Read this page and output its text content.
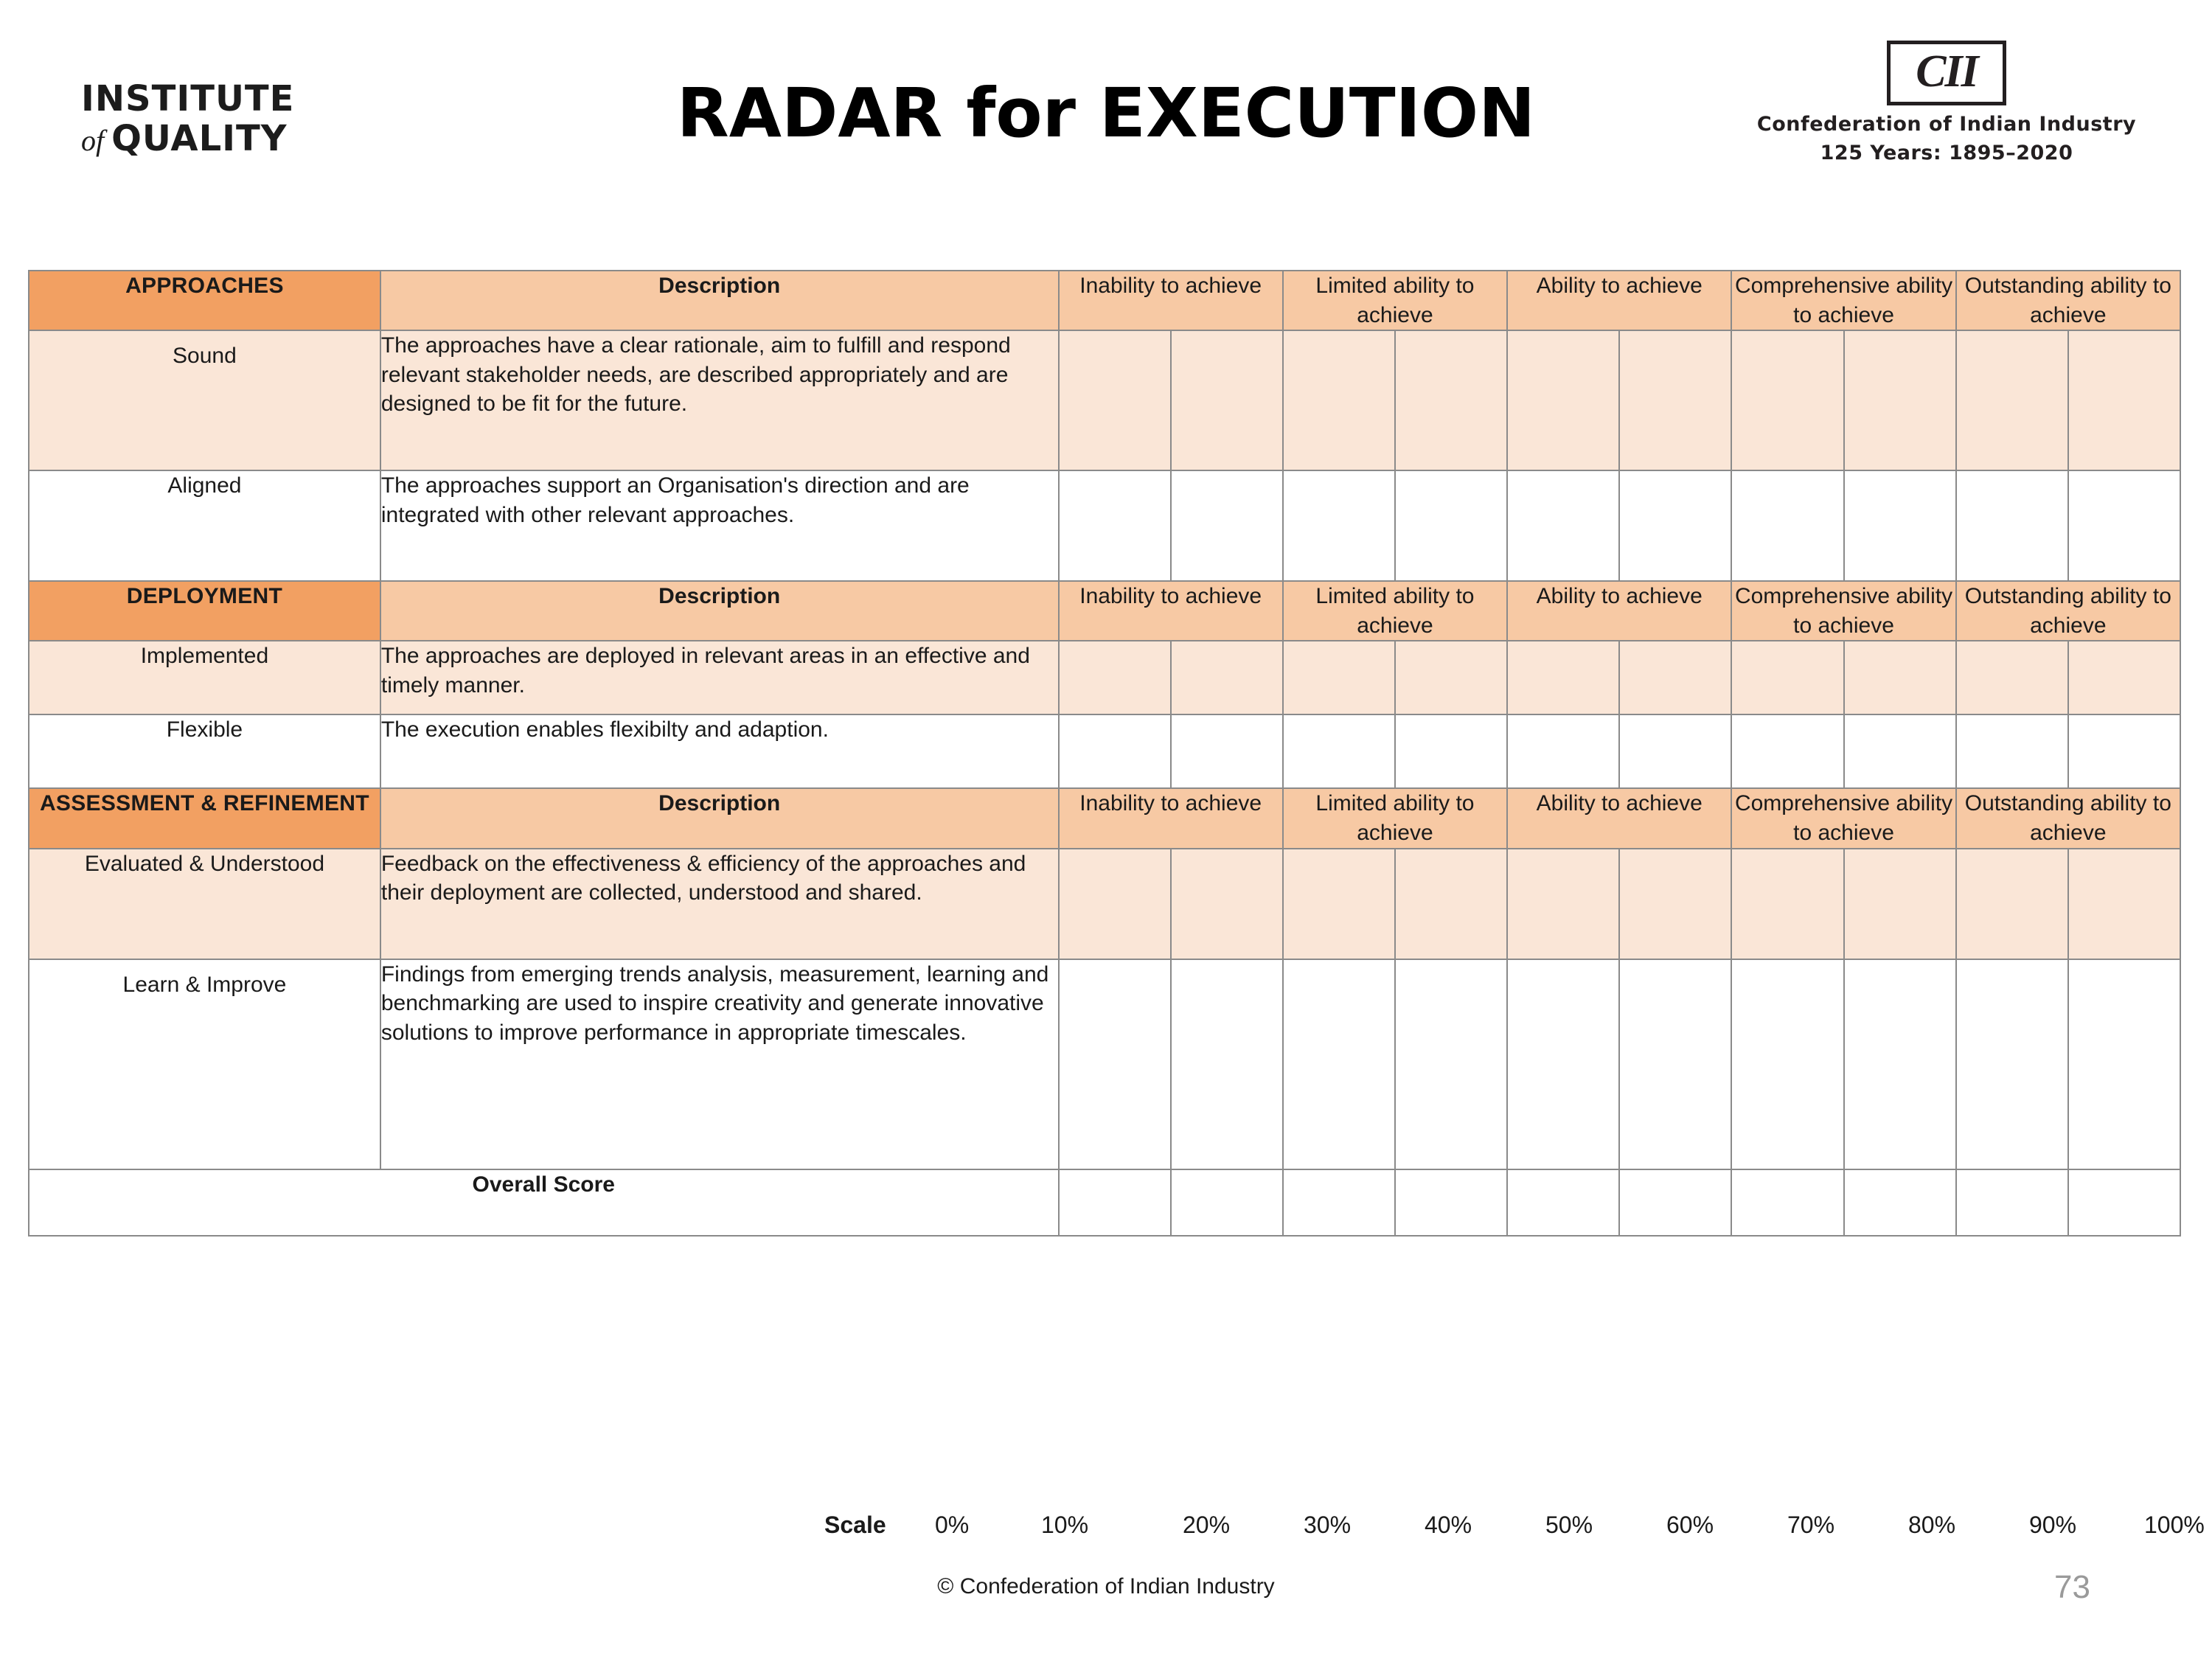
INSTITUTE
of QUALITY	RADAR for EXECUTION
CII
Confederation of Indian Industry
125 Years: 1895–2020
APPROACHES	Description	Inability to achieve		Limited ability to achieve		Ability to achieve		Comprehensive ability to achieve		Outstanding ability to achieve	
Sound	The approaches have a clear rationale, aim to fulfill and respond relevant stakeholder needs, are described appropriately and are designed to be fit for the future.										
Aligned	The approaches support an Organisation's direction and are integrated with other relevant approaches.										
DEPLOYMENT	Description	Inability to achieve		Limited ability to achieve		Ability to achieve		Comprehensive ability to achieve		Outstanding ability to achieve	
Implemented	The approaches are deployed in relevant areas in an effective and timely manner.										
Flexible	The execution enables flexibilty and adaption.										
ASSESSMENT & REFINEMENT	Description	Inability to achieve		Limited ability to achieve		Ability to achieve		Comprehensive ability to achieve		Outstanding ability to achieve	
Evaluated & Understood	Feedback on the effectiveness & efficiency of the approaches and their deployment are collected, understood and shared.										
Learn & Improve	Findings from emerging trends analysis, measurement, learning and benchmarking are used to inspire creativity and generate innovative solutions to improve performance in appropriate timescales.										
Overall Score											
Scale 0%	10%	20%	30%	40%	50%	60%	70%	80%	90%	100%
© Confederation of Indian Industry	73
